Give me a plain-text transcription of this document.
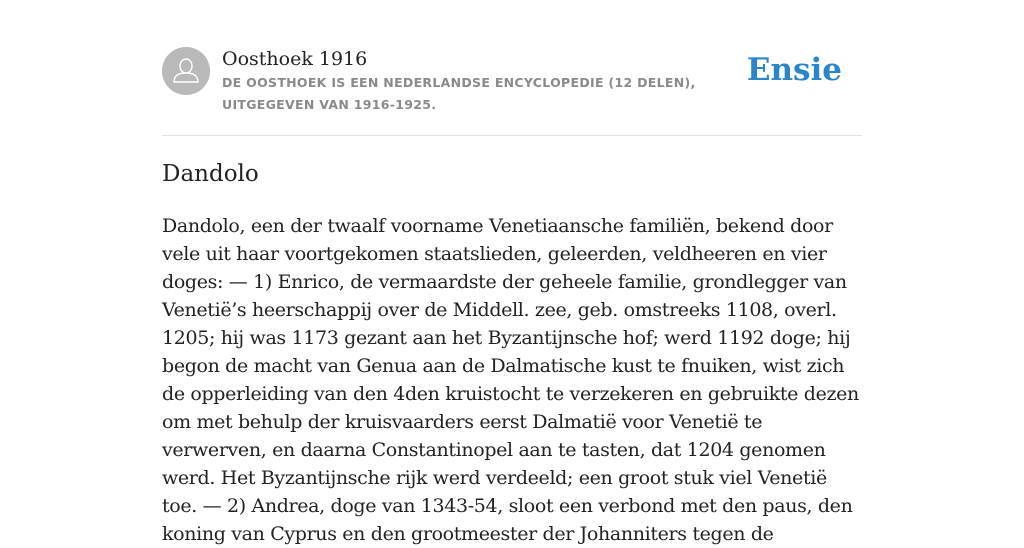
Oosthoek 1916
DE OOSTHOEK IS EEN NEDERLANDSE ENCYCLOPEDIE (12 DELEN), UITGEGEVEN VAN 1916-1925.
Ensie
Dandolo

Dandolo, een der twaalf voorname Venetiaansche familiën, bekend door vele uit haar voortgekomen staatslieden, geleerden, veldheeren en vier doges: — 1) Enrico, de vermaardste der geheele familie, grondlegger van Venetië’s heerschappij over de Middell. zee, geb. omstreeks 1108, overl. 1205; hij was 1173 gezant aan het Byzantijnsche hof; werd 1192 doge; hij begon de macht van Genua aan de Dalmatische kust te fnuiken, wist zich de opperleiding van den 4den kruistocht te verzekeren en gebruikte dezen om met behulp der kruisvaarders eerst Dalmatië voor Venetië te verwerven, en daarna Constantinopel aan te tasten, dat 1204 genomen werd. Het Byzantijnsche rijk werd verdeeld; een groot stuk viel Venetië toe. — 2) Andrea, doge van 1343-54, sloot een verbond met den paus, den koning van Cyprus en den grootmeester der Johanniters tegen de
